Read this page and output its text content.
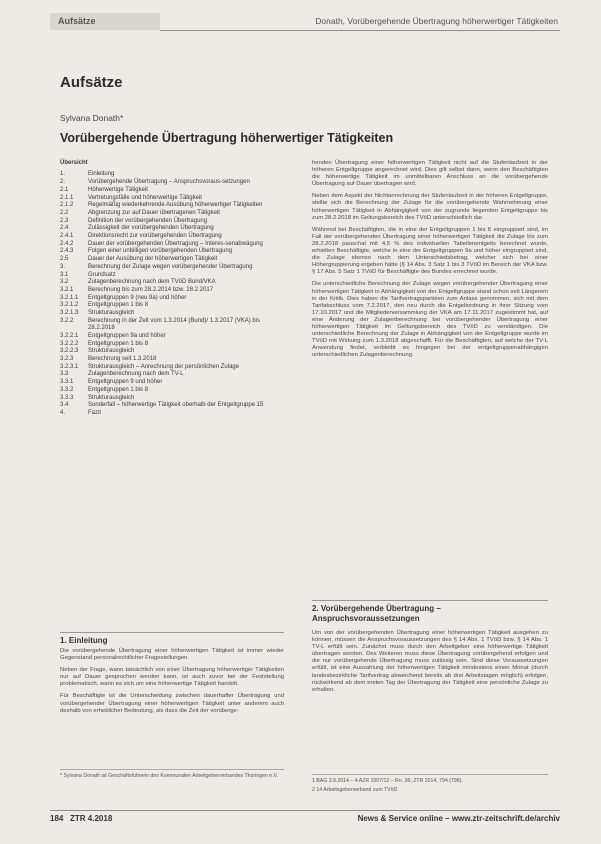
Aufsätze	Donath, Vorübergehende Übertragung höherwertiger Tätigkeiten
Aufsätze
Sylvana Donath*
Vorübergehende Übertragung höherwertiger Tätigkeiten
Übersicht
1.	Einleitung
2.	Vorübergehende Übertragung – Anspruchsvoraus-setzungen
2.1	Höherwertige Tätigkeit
2.1.1	Vertretungsfälle und höherwertige Tätigkeit
2.1.2	Regelmäßig wiederkehrende Ausübung höherwertiger Tätigkeiten
2.2	Abgrenzung zur auf Dauer übertragenen Tätigkeit
2.3	Definition der vorübergehenden Übertragung
2.4	Zulässigkeit der vorübergehenden Übertragung
2.4.1	Direktionsrecht zur vorübergehenden Übertragung
2.4.2	Dauer der vorübergehenden Übertragung – Interes-senabwägung
2.4.3	Folgen einer unbilligen vorübergehenden Übertragung
2.5	Dauer der Ausübung der höherwertigen Tätigkeit
3.	Berechnung der Zulage wegen vorübergehender Übertragung
3.1	Grundsatz
3.2	Zulagenberechnung nach dem TVöD Bund/VKA
3.2.1	Berechnung bis zum 28.2.2014 bzw. 28.2.2017
3.2.1.1	Entgeltgruppen 9 (neu 9a) und höher
3.2.1.2	Entgeltgruppen 1 bis 8
3.2.1.3	Strukturausgleich
3.2.2	Berechnung in der Zeit vom 1.3.2014 (Bund)/ 1.3.2017 (VKA) bis 28.2.2018
3.2.2.1	Entgeltgruppen 9a und höher
3.2.2.2	Entgeltgruppen 1 bis 8
3.2.2.3	Strukturausgleich
3.2.3	Berechnung seit 1.3.2018
3.2.3.1	Strukturausgleich – Anrechnung der persönlichen Zulage
3.3	Zulagenberechnung nach dem TV-L
3.3.1	Entgeltgruppen 9 und höher
3.3.2	Entgeltgruppen 1 bis 8
3.3.3	Strukturausgleich
3.4	Sonderfall – höherwertige Tätigkeit oberhalb der Entgeltgruppe 15
4.	Fazit
1. Einleitung

Die vorübergehende Übertragung einer höherwertigen Tätigkeit ist immer wieder Gegenstand personalrechtlicher Fragestellungen.

Neben der Frage, wann tatsächlich von einer Übertragung höherwertiger Tätigkeiten nur auf Dauer gesprochen werden kann, ist auch zuvor bei der Feststellung problematisch, wann es sich um eine höherwertige Tätigkeit handelt.

Für Beschäftigte ist die Unterscheidung zwischen dauerhafter Übertragung und vorübergehender Übertragung einer höherwertigen Tätigkeit unter anderem auch deshalb von erheblicher Bedeutung, als dass die Zeit der vorüberge-

* Sylvana Donath ist Geschäftsführerin des Kommunalen Arbeitgeberverbandes Thüringen e.V.

henden Übertragung einer höherwertigen Tätigkeit nicht auf die Stufenlaufzeit in der höheren Entgeltgruppe angerechnet wird. Dies gilt selbst dann, wenn den Beschäftigten die höherwertige Tätigkeit im unmittelbaren Anschluss an die vorübergehende Übertragung auf Dauer übertragen wird.

Neben dem Aspekt der Nichtanrechnung der Stufenlaufzeit in der höheren Entgeltgruppe, stellte sich die Berechnung der Zulage für die vorübergehende Wahrnehmung einer höherwertigen Tätigkeit in Abhängigkeit von der zugrunde liegenden Entgeltgruppe bis zum 28.2.2018 im Geltungsbereich des TVöD unterschiedlich dar.

Während bei Beschäftigten, die in eine der Entgeltgruppen 1 bis 8 eingruppiert sind, im Fall der vorübergehenden Übertragung einer höherwertigen Tätigkeit die Zulage bis zum 28.2.2018 pauschal mit 4,5 % des individuellen Tabellenentgelts berechnet wurde, erhielten Beschäftigte, welche in eine der Entgeltgruppen 9a und höher eingruppiert sind, die Zulage ebenso nach dem Unterschiedsbetrag, welcher sich bei einer Höhergruppierung ergeben hätte (§ 14 Abs. 3 Satz 1 bis 3 TVöD im Bereich der VKA bzw. § 17 Abs. 5 Satz 1 TVöD für Beschäftigte des Bundes errechnet wurde.

Die unterschiedliche Berechnung der Zulage wegen vorübergehender Übertragung einer höherwertigen Tätigkeit in Abhängigkeit von der Entgeltgruppe stand schon seit Längerem in der Kritik. Dies haben die Tarifvertragsparteien zum Anlass genommen, sich mit dem Tarifabschluss vom 7.2.2017, den neu durch die Entgeltordnung in ihrer Sitzung vom 17.10.2017 und die Mitgliederversammlung der VKA am 17.11.2017 zugestimmt hat, auf eine Änderung der Zulagenberechnung bei vorübergehender Übertragung einer höherwertigen Tätigkeit im Geltungsbereich des TVöD zu verständigen. Die unterschiedliche Berechnung der Zulage in Abhängigkeit von der Entgeltgruppe wurde im TVöD mit Wirkung zum 1.3.2018 abgeschafft. Für die Beschäftigten, auf welche der TV-L Anwendung findet, verbleibt es hingegen bei der entgeltgruppenabhängigen unterschiedlichen Zulagenberechnung.

2. Vorübergehende Übertragung – Anspruchsvoraussetzungen

Um von der vorübergehenden Übertragung einer höherwertigen Tätigkeit ausgehen zu können, müssen die Anspruchsvoraussetzungen des § 14 Abs. 1 TVöD bzw. § 14 Abs. 1 TV-L erfüllt sein. Zunächst muss durch den Arbeitgeber eine höherwertige Tätigkeit übertragen worden. Des Weiteren muss diese Übertragung vorübergehend erfolgen und die nur vorübergehende Übertragung muss zulässig sein. Sind diese Voraussetzungen erfüllt, ist eine Auszahlung der höherwertigen Tätigkeit mindestens einen Monat (durch landesbezirkliche Tarifvertrag abweichend bereits ab drei Arbeitstagen möglich) erfolgen, rückwirkend ab dem ersten Tag der Übertragung der Tätigkeit eine persönliche Zulage zu erhalten.

1 BAG 3.9.2014 – 4 AZR 1007/12 – Rn. 36; ZTR 2014, 794 (798).
2 14 Arbeitsgeberverband zum TVöD.
184 ZTR 4.2018	News & Service online – www.ztr-zeitschrift.de/archiv
